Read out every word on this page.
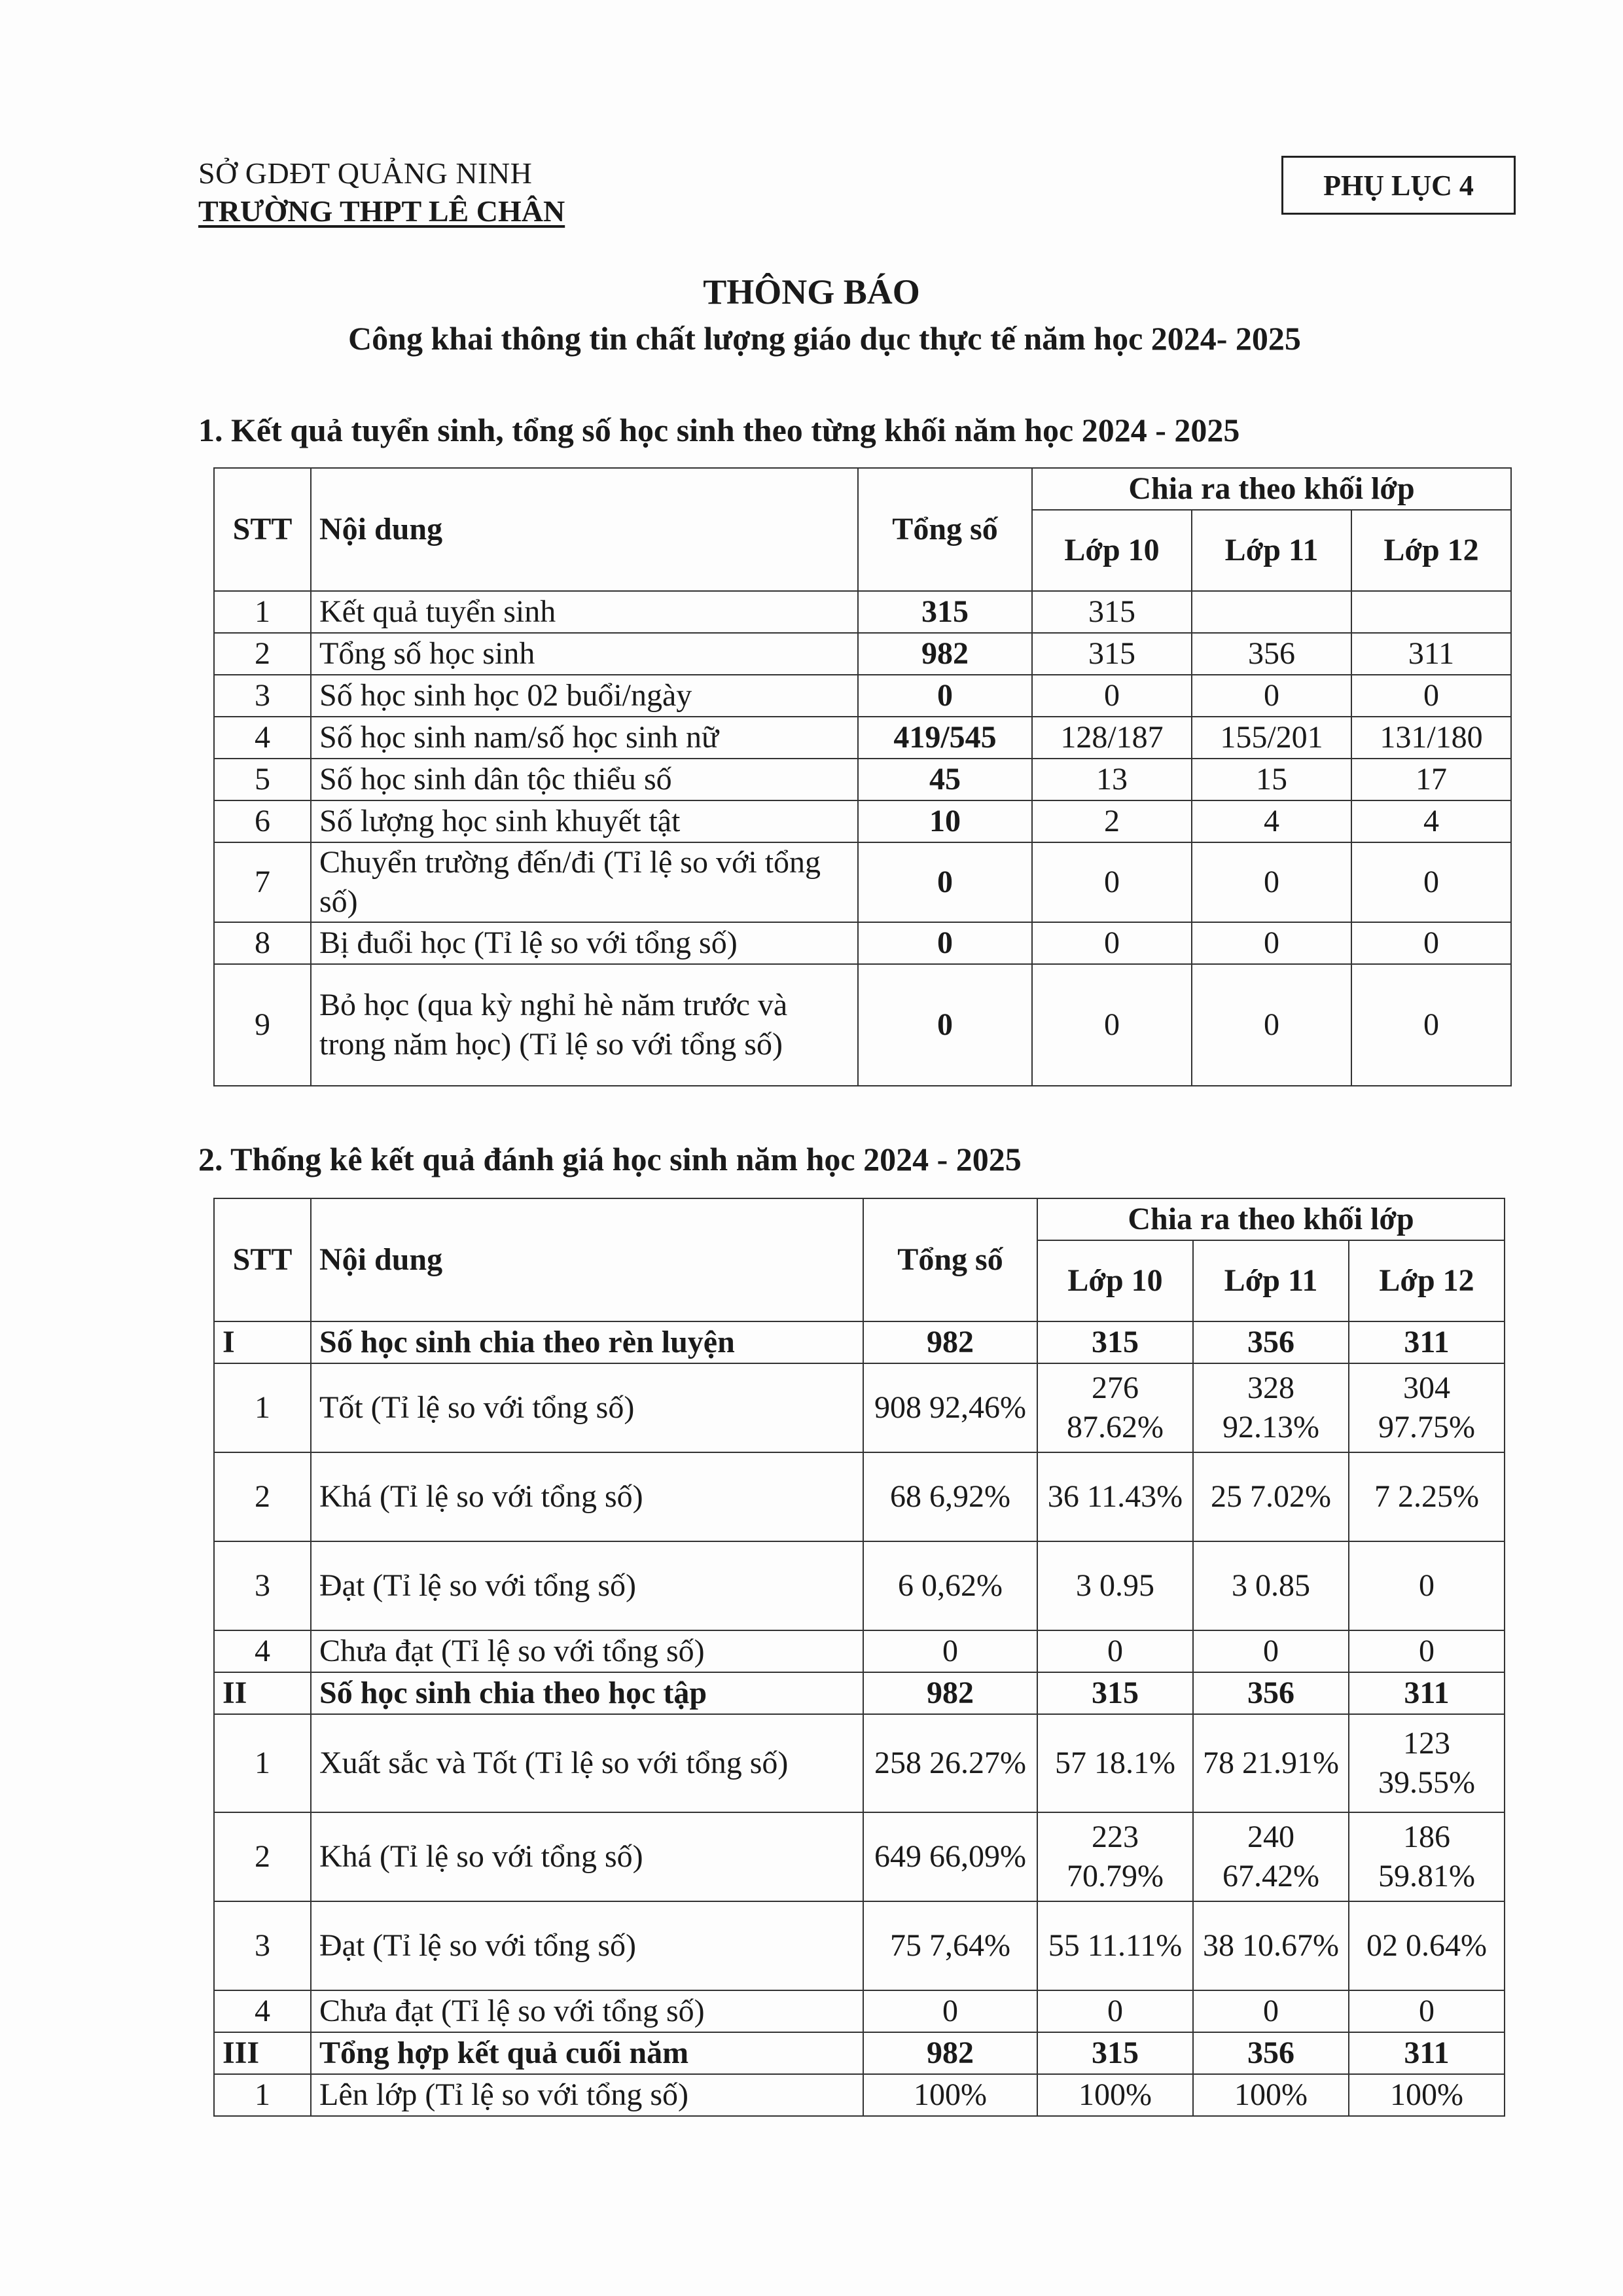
SỞ GDĐT QUẢNG NINH
TRƯỜNG THPT LÊ CHÂN
PHỤ LỤC 4
THÔNG BÁO
Công khai thông tin chất lượng giáo dục thực tế năm học 2024- 2025
1. Kết quả tuyển sinh, tổng số học sinh theo từng khối năm học 2024 - 2025
STT	Nội dung	Tổng số	Chia ra theo khối lớp		
			Lớp 10	Lớp 11	Lớp 12
1	Kết quả tuyển sinh	315	315		
2	Tổng số học sinh	982	315	356	311
3	Số học sinh học 02 buổi/ngày	0	0	0	0
4	Số học sinh nam/số học sinh nữ	419/545	128/187	155/201	131/180
5	Số học sinh dân tộc thiểu số	45	13	15	17
6	Số lượng học sinh khuyết tật	10	2	4	4
7	Chuyển trường đến/đi (Tỉ lệ so với tổng số)	0	0	0	0
8	Bị đuổi học (Tỉ lệ so với tổng số)	0	0	0	0
9	Bỏ học (qua kỳ nghỉ hè năm trước và trong năm học) (Tỉ lệ so với tổng số)	0	0	0	0
2. Thống kê kết quả đánh giá học sinh năm học 2024 - 2025
STT	Nội dung	Tổng số	Chia ra theo khối lớp		
			Lớp 10	Lớp 11	Lớp 12
I	Số học sinh chia theo rèn luyện	982	315	356	311
1	Tốt (Tỉ lệ so với tổng số)	908 92,46%	276 87.62%	328 92.13%	304 97.75%
2	Khá (Tỉ lệ so với tổng số)	68 6,92%	36 11.43%	25 7.02%	7 2.25%
3	Đạt (Tỉ lệ so với tổng số)	6 0,62%	3 0.95	3 0.85	0
4	Chưa đạt (Tỉ lệ so với tổng số)	0	0	0	0
II	Số học sinh chia theo học tập	982	315	356	311
1	Xuất sắc và Tốt (Tỉ lệ so với tổng số)	258 26.27%	57 18.1%	78 21.91%	123 39.55%
2	Khá (Tỉ lệ so với tổng số)	649 66,09%	223 70.79%	240 67.42%	186 59.81%
3	Đạt (Tỉ lệ so với tổng số)	75 7,64%	55 11.11%	38 10.67%	02 0.64%
4	Chưa đạt (Tỉ lệ so với tổng số)	0	0	0	0
III	Tổng hợp kết quả cuối năm	982	315	356	311
1	Lên lớp (Tỉ lệ so với tổng số)	100%	100%	100%	100%
